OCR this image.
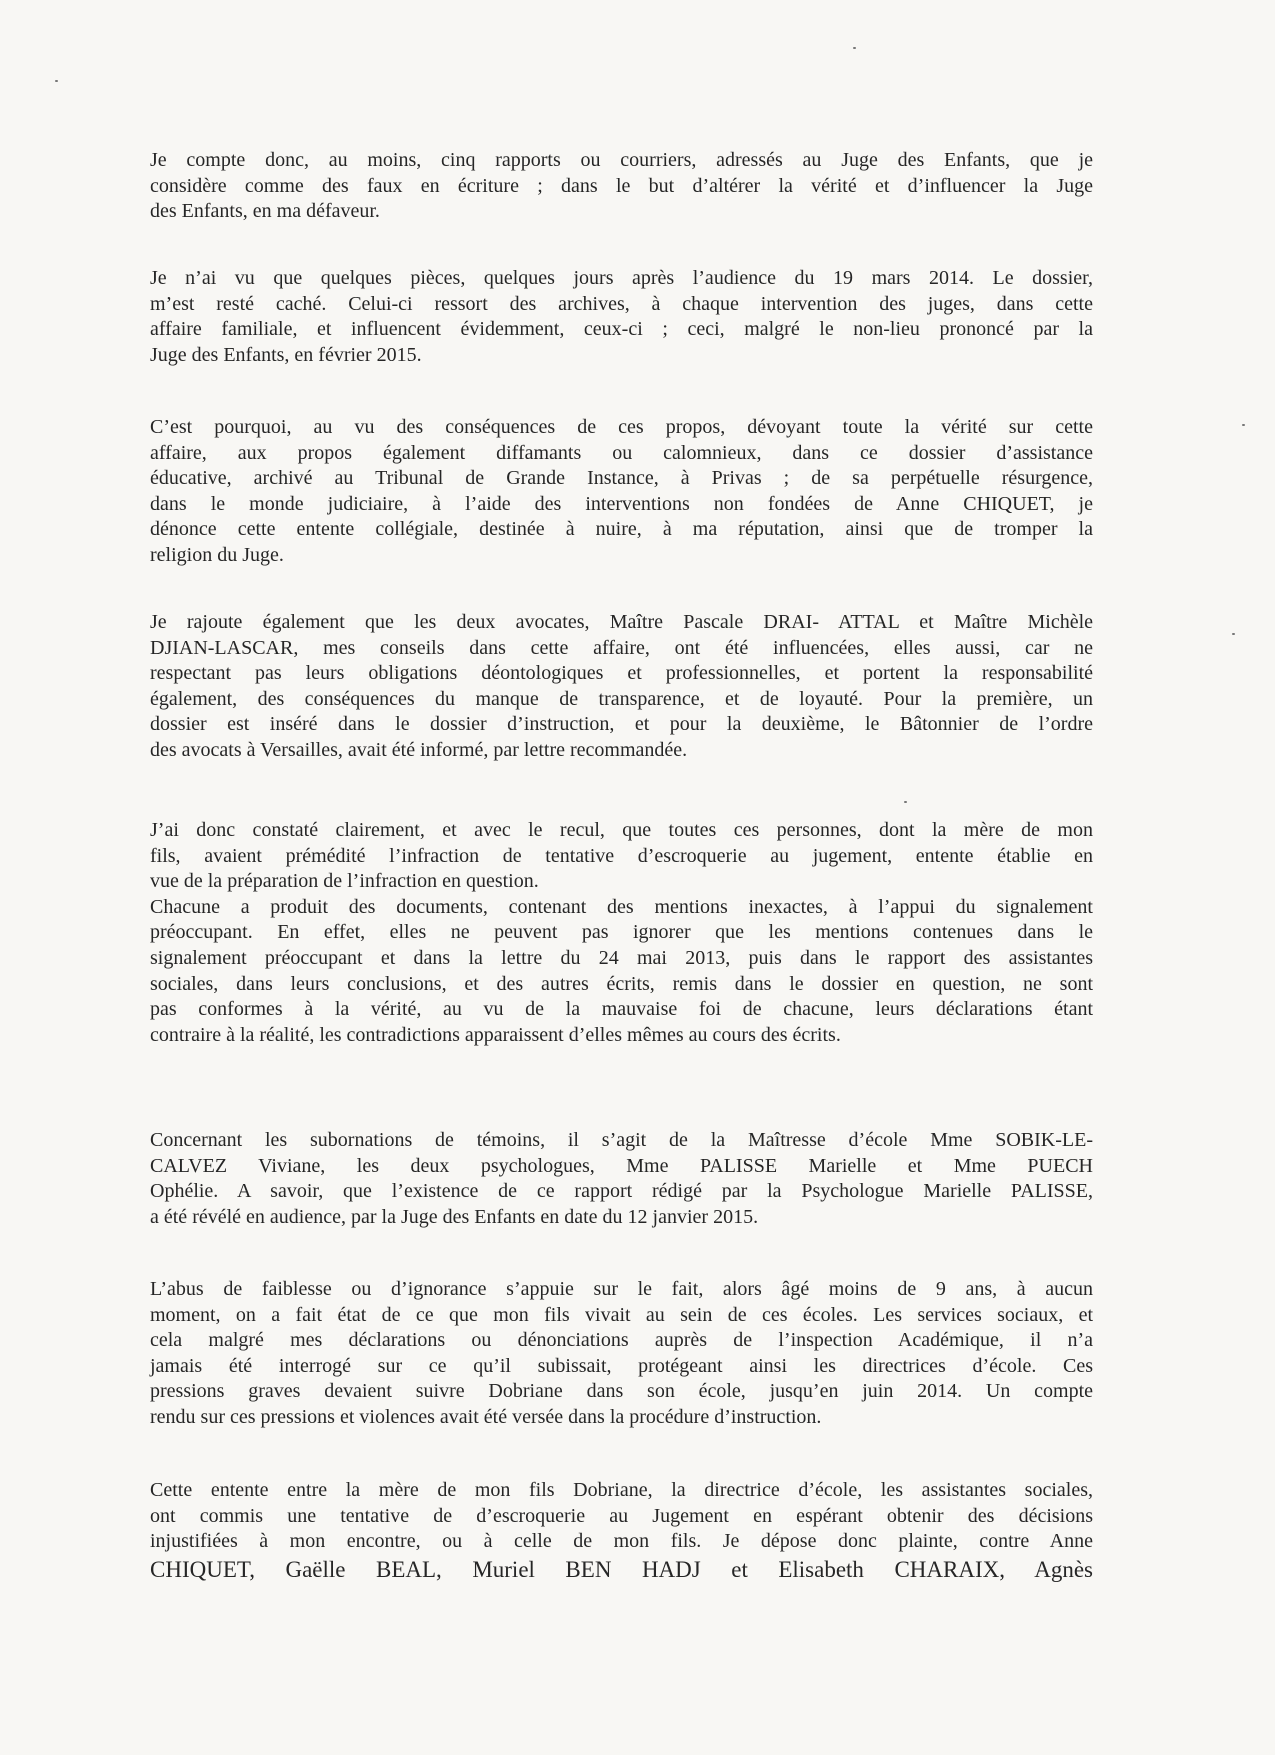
Je compte donc, au moins, cinq rapports ou courriers, adressés au Juge des Enfants, que je
considère comme des faux en écriture ; dans le but d’altérer la vérité et d’influencer la Juge
des Enfants, en ma défaveur.
Je n’ai vu que quelques pièces, quelques jours après l’audience du 19 mars 2014. Le dossier,
m’est resté caché. Celui-ci ressort des archives, à chaque intervention des juges, dans cette
affaire familiale, et influencent évidemment, ceux-ci ; ceci, malgré le non-lieu prononcé par la
Juge des Enfants, en février 2015.
C’est pourquoi, au vu des conséquences de ces propos, dévoyant toute la vérité sur cette
affaire, aux propos également diffamants ou calomnieux, dans ce dossier d’assistance
éducative, archivé au Tribunal de Grande Instance, à Privas ; de sa perpétuelle résurgence,
dans le monde judiciaire, à l’aide des interventions non fondées de Anne CHIQUET, je
dénonce cette entente collégiale, destinée à nuire, à ma réputation, ainsi que de tromper la
religion du Juge.
Je rajoute également que les deux avocates, Maître Pascale DRAI- ATTAL et Maître Michèle
DJIAN-LASCAR, mes conseils dans cette affaire, ont été influencées, elles aussi, car ne
respectant pas leurs obligations déontologiques et professionnelles, et portent la responsabilité
également, des conséquences du manque de transparence, et de loyauté. Pour la première, un
dossier est inséré dans le dossier d’instruction, et pour la deuxième, le Bâtonnier de l’ordre
des avocats à Versailles, avait été informé, par lettre recommandée.
J’ai donc constaté clairement, et avec le recul, que toutes ces personnes, dont la mère de mon
fils, avaient prémédité l’infraction de tentative d’escroquerie au jugement, entente établie en
vue de la préparation de l’infraction en question.
Chacune a produit des documents, contenant des mentions inexactes, à l’appui du signalement
préoccupant. En effet, elles ne peuvent pas ignorer que les mentions contenues dans le
signalement préoccupant et dans la lettre du 24 mai 2013, puis dans le rapport des assistantes
sociales, dans leurs conclusions, et des autres écrits, remis dans le dossier en question, ne sont
pas conformes à la vérité, au vu de la mauvaise foi de chacune, leurs déclarations étant
contraire à la réalité, les contradictions apparaissent d’elles mêmes au cours des écrits.
Concernant les subornations de témoins, il s’agit de la Maîtresse d’école Mme SOBIK-LE-
CALVEZ Viviane, les deux psychologues, Mme PALISSE Marielle et Mme PUECH
Ophélie. A savoir, que l’existence de ce rapport rédigé par la Psychologue Marielle PALISSE,
a été révélé en audience, par la Juge des Enfants en date du 12 janvier 2015.
L’abus de faiblesse ou d’ignorance s’appuie sur le fait, alors âgé moins de 9 ans, à aucun
moment, on a fait état de ce que mon fils vivait au sein de ces écoles. Les services sociaux, et
cela malgré mes déclarations ou dénonciations auprès de l’inspection Académique, il n’a
jamais été interrogé sur ce qu’il subissait, protégeant ainsi les directrices d’école. Ces
pressions graves devaient suivre Dobriane dans son école, jusqu’en juin 2014. Un compte
rendu sur ces pressions et violences avait été versée dans la procédure d’instruction.
Cette entente entre la mère de mon fils Dobriane, la directrice d’école, les assistantes sociales,
ont commis une tentative de d’escroquerie au Jugement en espérant obtenir des décisions
injustifiées à mon encontre, ou à celle de mon fils. Je dépose donc plainte, contre Anne
CHIQUET, Gaëlle BEAL, Muriel BEN HADJ et Elisabeth CHARAIX, Agnès
